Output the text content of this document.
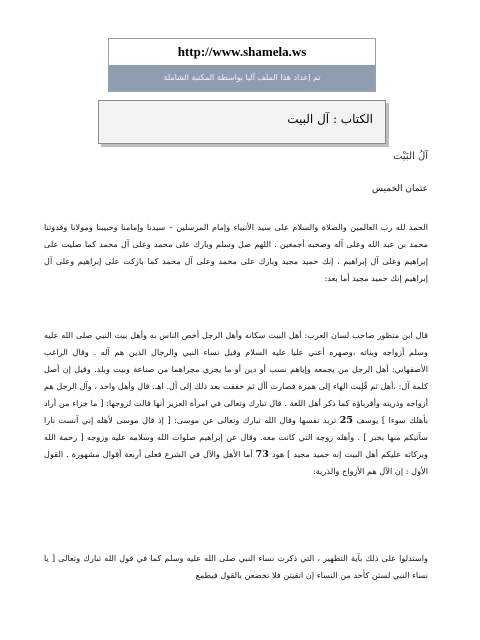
http://www.shamela.ws
تم إعداد هذا الملف آليا بواسطة المكتبة الشاملة
الكتاب : آل البيت
آلُ البَيْت
عثمان الخميس
الحمد لله رب العالمين والصلاة والسلام على سيد الأنبياء وإمام المرسلين – سيدنا وإمامنا وحبيبنا ومولانا وقدوتنا محمد بن عبد الله وعلى آله وصحبه أجمعين . اللهم صل وسلم وبارك على محمد وعلى آل محمد كما صليت على إبراهيم وعلى آل إبراهيم ، إنك حميد مجيد وبارك على محمد وعلى آل محمد كما باركت على إبراهيم وعلى آل إبراهيم إنك حميد مجيد أما بعد:
قال ابن منظور صاحب لسان العرب: أهل البيت سكانه وأهل الرجل أخص الناس به وأهل بيت النبي صلى الله عليه وسلم أزواجه وبناته ،وصهره أعني عليا عليه السلام وقيل نساء النبي والرجال الذين هم آله . وقال الراغب الأصفهاني: أهل الرجل من يجمعه وإياهم نسب أو دين أو ما يجري مجراهما من صناعة وبيت وبلد. وقيل إن أصل كلمة آل: ،أهل ثم قُلِبت الهاء إلى همزة فصارت أأل ثم خففت بعد ذلك إلى آل. اهـ. قال وأهل واحد ، وآل الرجل هم أزواجه وذريته وأقرباؤه كما ذكر أهل اللغة . قال تبارك وتعالى في امرأة العزيز أنها قالت لزوجها: [ ما جزاء من أراد بأهلك سوءا ] يوسف 25 تريد نفسها وقال الله تبارك وتعالى عن موسى: [ إذ قال موسى لأهله إني آنست نارا سآتيكم منها بخبر ] . وأهله زوجه التي كانت معه. وقال عن إبراهيم صلوات الله وسلامه عليه وزوجه [ رحمة الله وبركاته عليكم أهل البيت إنه حميد مجيد ] هود 73 أما الأهل والآل في الشرع فعلى أربعة أقوال مشهورة . القول الأول : إن الآل هم الأزواج والذرية:
واستدلوا على ذلك بآية التطهير ، التي ذكرت نساء النبي صلى الله عليه وسلم كما في قول الله تبارك وتعالى [ يا نساء النبي لستن كأحد من النساء إن اتقيتن فلا تخضعن بالقول فيطمع
